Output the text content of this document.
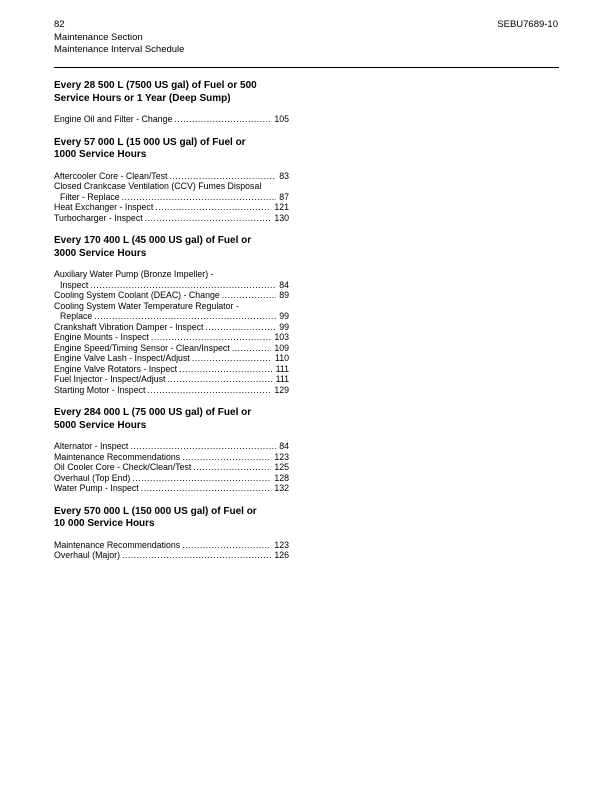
82
Maintenance Section
Maintenance Interval Schedule
SEBU7689-10
Every 28 500 L (7500 US gal) of Fuel or 500
Service Hours or 1 Year (Deep Sump)
Engine Oil and Filter - Change .....	105
Every 57 000 L (15 000 US gal) of Fuel or
1000 Service Hours
Aftercooler Core - Clean/Test .....	83
Closed Crankcase Ventilation (CCV) Fumes Disposal
Filter - Replace .....	87
Heat Exchanger - Inspect .....	121
Turbocharger - Inspect .....	130
Every 170 400 L (45 000 US gal) of Fuel or
3000 Service Hours
Auxiliary Water Pump (Bronze Impeller) -
Inspect .....	84
Cooling System Coolant (DEAC) - Change .....	89
Cooling System Water Temperature Regulator -
Replace .....	99
Crankshaft Vibration Damper - Inspect .....	99
Engine Mounts - Inspect .....	103
Engine Speed/Timing Sensor - Clean/Inspect .....	109
Engine Valve Lash - Inspect/Adjust .....	110
Engine Valve Rotators - Inspect .....	111
Fuel Injector - Inspect/Adjust .....	111
Starting Motor - Inspect .....	129
Every 284 000 L (75 000 US gal) of Fuel or
5000 Service Hours
Alternator - Inspect .....	84
Maintenance Recommendations .....	123
Oil Cooler Core - Check/Clean/Test .....	125
Overhaul (Top End) .....	128
Water Pump - Inspect .....	132
Every 570 000 L (150 000 US gal) of Fuel or
10 000 Service Hours
Maintenance Recommendations .....	123
Overhaul (Major) .....	126
